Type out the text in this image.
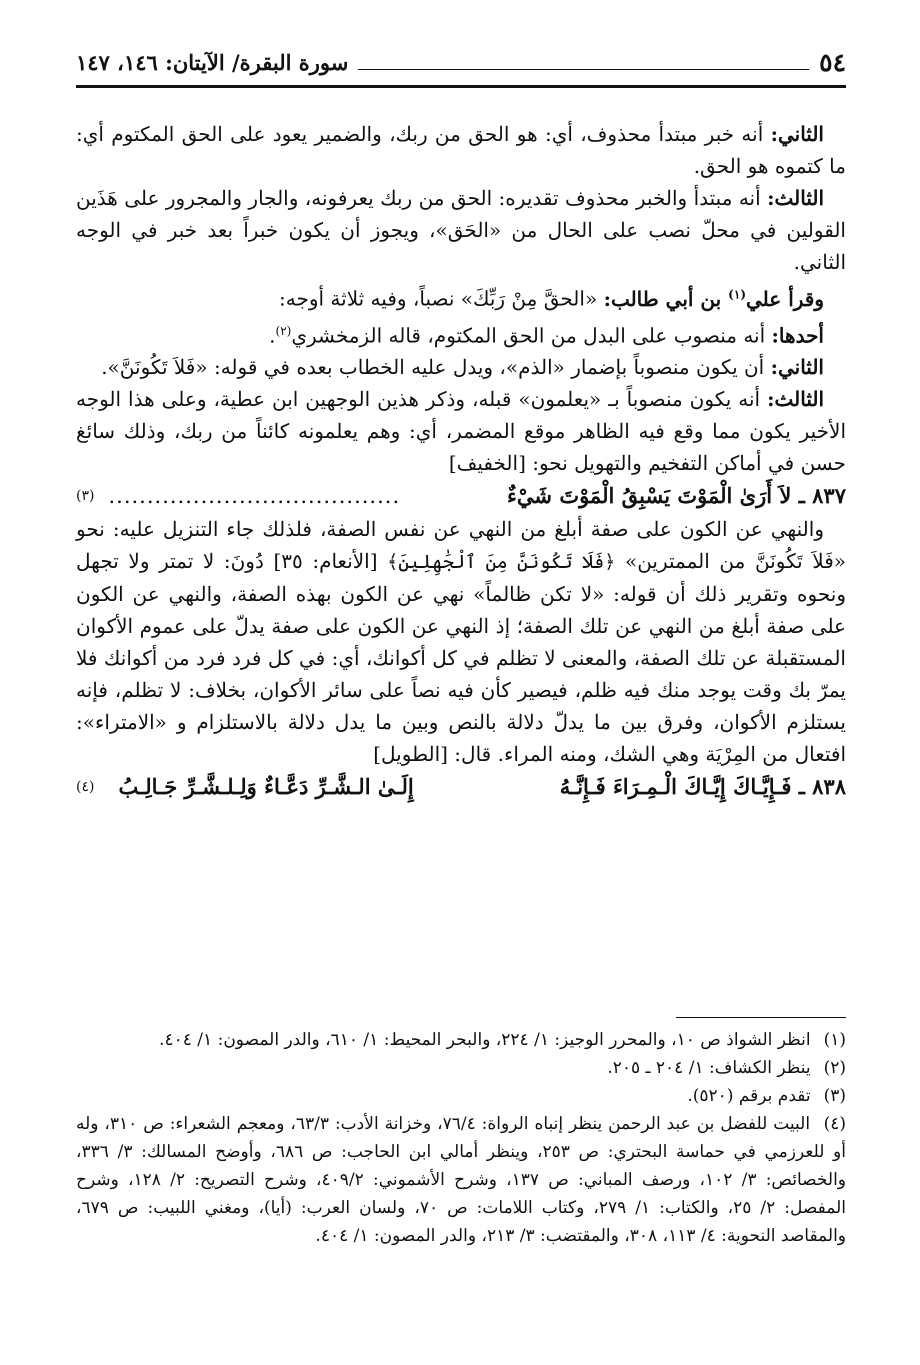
٥٤
سورة البقرة/ الآيتان: ١٤٦، ١٤٧

الثاني: أنه خبر مبتدأ محذوف، أي: هو الحق من ربك، والضمير يعود على الحق المكتوم أي: ما كتموه هو الحق.

الثالث: أنه مبتدأ والخبر محذوف تقديره: الحق من ربك يعرفونه، والجار والمجرور على هَذَين القولين في محلّ نصب على الحال من «الحَق»، ويجوز أن يكون خبراً بعد خبر في الوجه الثاني.

وقرأ علي$^{(١)}$ بن أبي طالب: «الحقَّ مِنْ رَبِّكَ» نصباً، وفيه ثلاثة أوجه:

أحدها: أنه منصوب على البدل من الحق المكتوم، قاله الزمخشري$^{(٢)}$.

الثاني: أن يكون منصوباً بإضمار «الذم»، ويدل عليه الخطاب بعده في قوله: «فَلاَ تَكُونَنَّ».

الثالث: أنه يكون منصوباً بـ «يعلمون» قبله، وذكر هذين الوجهين ابن عطية، وعلى هذا الوجه الأخير يكون مما وقع فيه الظاهر موقع المضمر، أي: وهم يعلمونه كائناً من ربك، وذلك سائغ حسن في أماكن التفخيم والتهويل نحو: [الخفيف]

٨٣٧ ـ لاَ أَرَىٰ الْمَوْتَ يَسْبِقُ الْمَوْتَ شَيْءٌ
......................................
(٣)

والنهي عن الكون على صفة أبلغ من النهي عن نفس الصفة، فلذلك جاء التنزيل عليه: نحو «فَلاَ تَكُونَنَّ من الممترين» ﴿فَلَا تَكُونَنَّ مِنَ ٱلْجَٰهِلِينَ﴾ [الأنعام: ٣٥] دُونَ: لا تمتر ولا تجهل ونحوه وتقرير ذلك أن قوله: «لا تكن ظالماً» نهي عن الكون بهذه الصفة، والنهي عن الكون على صفة أبلغ من النهي عن تلك الصفة؛ إذ النهي عن الكون على صفة يدلّ على عموم الأكوان المستقبلة عن تلك الصفة، والمعنى لا تظلم في كل أكوانك، أي: في كل فرد فرد من أكوانك فلا يمرّ بك وقت يوجد منك فيه ظلم، فيصير كأن فيه نصاً على سائر الأكوان، بخلاف: لا تظلم، فإنه يستلزم الأكوان، وفرق بين ما يدلّ دلالة بالنص وبين ما يدل دلالة بالاستلزام و «الامتراء»: افتعال من المِرْيَة وهي الشك، ومنه المراء. قال: [الطويل]

٨٣٨ ـ فَـإِيَّـاكَ إِيَّـاكَ الْـمِـرَاءَ فَـإِنَّـهُ
إِلَـىٰ الـشَّـرِّ دَعَّـاءٌ وَلِـلـشَّـرِّ جَـالِـبُ
(٤)

(١) انظر الشواذ ص ١٠، والمحرر الوجيز: ١/ ٢٢٤، والبحر المحيط: ١/ ٦١٠، والدر المصون: ١/ ٤٠٤.

(٢) ينظر الكشاف: ١/ ٢٠٤ ـ ٢٠٥.

(٣) تقدم برقم (٥٢٠).

(٤) البيت للفضل بن عبد الرحمن ينظر إنباه الرواة: ٧٦/٤، وخزانة الأدب: ٦٣/٣، ومعجم الشعراء: ص ٣١٠، وله أو للعرزمي في حماسة البحتري: ص ٢٥٣، وينظر أمالي ابن الحاجب: ص ٦٨٦، وأوضح المسالك: ٣/ ٣٣٦، والخصائص: ٣/ ١٠٢، ورصف المباني: ص ١٣٧، وشرح الأشموني: ٤٠٩/٢، وشرح التصريح: ٢/ ١٢٨، وشرح المفصل: ٢/ ٢٥، والكتاب: ١/ ٢٧٩، وكتاب اللامات: ص ٧٠، ولسان العرب: (أيا)، ومغني اللبيب: ص ٦٧٩، والمقاصد النحوية: ٤/ ١١٣، ٣٠٨، والمقتضب: ٣/ ٢١٣، والدر المصون: ١/ ٤٠٤.
